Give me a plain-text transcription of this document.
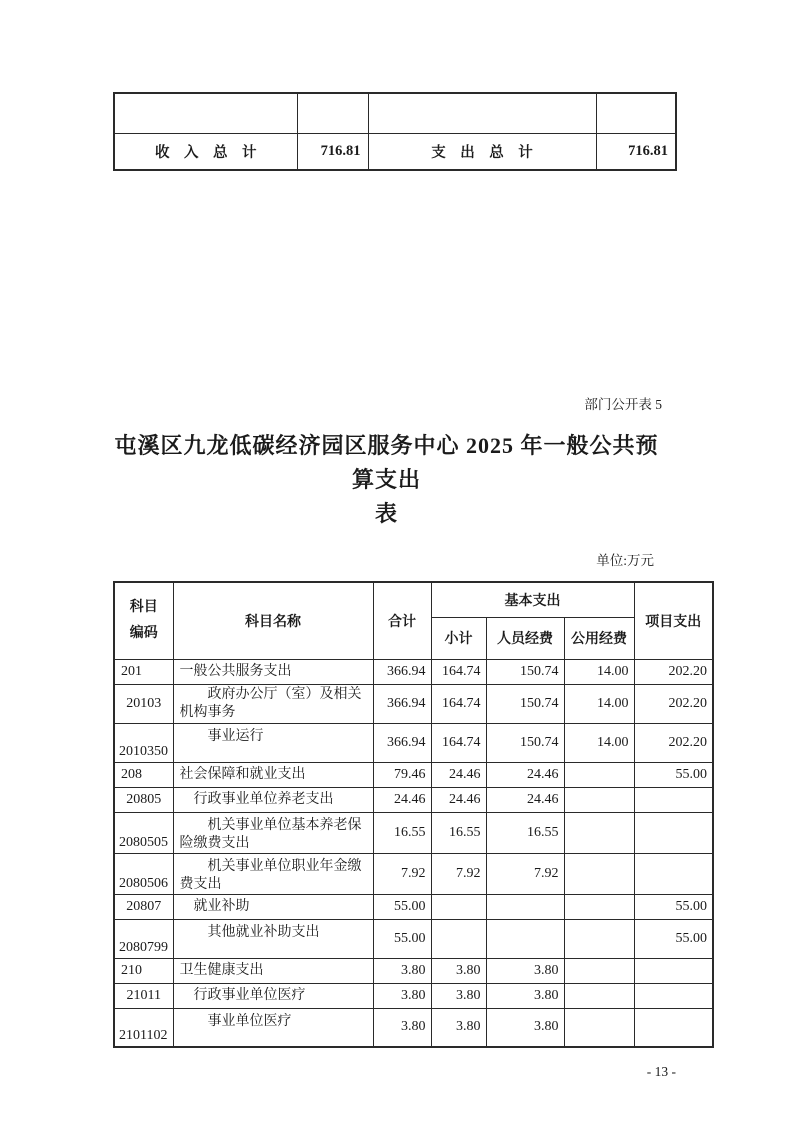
收　入　总　计	716.81	支　出　总　计	716.81
部门公开表 5
屯溪区九龙低碳经济园区服务中心 2025 年一般公共预算支出
表
单位:万元
科目
编码	科目名称	合计	基本支出			项目支出
			小计	人员经费	公用经费	
201	一般公共服务支出	366.94	164.74	150.74	14.00	202.20
20103	政府办公厅（室）及相关机构事务	366.94	164.74	150.74	14.00	202.20
2010350	事业运行	366.94	164.74	150.74	14.00	202.20
208	社会保障和就业支出	79.46	24.46	24.46		55.00
20805	行政事业单位养老支出	24.46	24.46	24.46		
2080505	机关事业单位基本养老保险缴费支出	16.55	16.55	16.55		
2080506	机关事业单位职业年金缴费支出	7.92	7.92	7.92		
20807	就业补助	55.00				55.00
2080799	其他就业补助支出	55.00				55.00
210	卫生健康支出	3.80	3.80	3.80		
21011	行政事业单位医疗	3.80	3.80	3.80		
2101102	事业单位医疗	3.80	3.80	3.80		
- 13 -
